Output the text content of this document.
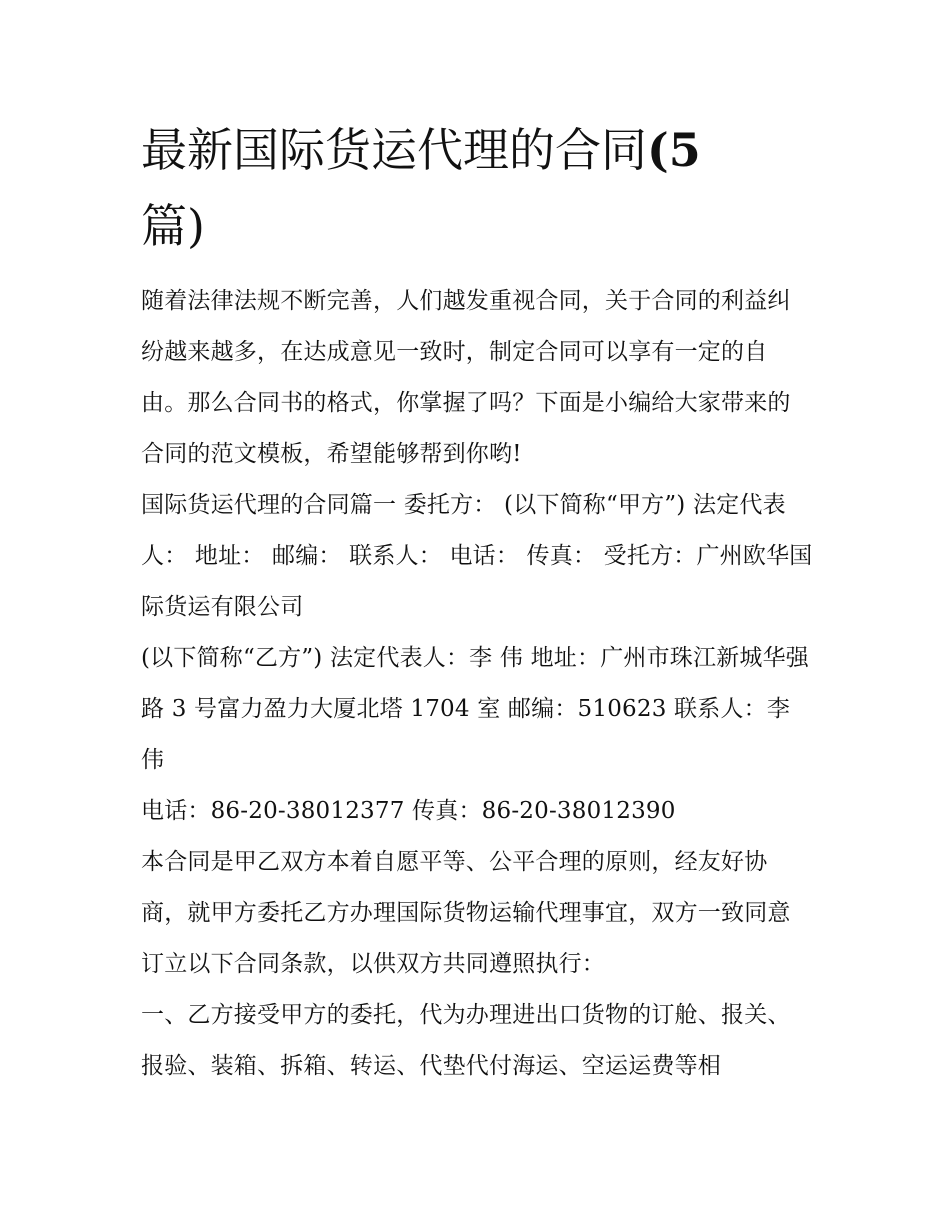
最新国际货运代理的合同(5
篇)

随着法律法规不断完善，人们越发重视合同，关于合同的利益纠纷越来越多，在达成意见一致时，制定合同可以享有一定的自由。那么合同书的格式，你掌握了吗？下面是小编给大家带来的合同的范文模板，希望能够帮到你哟!

国际货运代理的合同篇一 委托方： (以下简称“甲方”) 法定代表人： 地址： 邮编： 联系人： 电话： 传真： 受托方：广州欧华国际货运有限公司

(以下简称“乙方”) 法定代表人：李 伟 地址：广州市珠江新城华强路 3 号富力盈力大厦北塔 1704 室 邮编：510623 联系人：李 伟

电话：86-20-38012377 传真：86-20-38012390

本合同是甲乙双方本着自愿平等、公平合理的原则，经友好协商，就甲方委托乙方办理国际货物运输代理事宜，双方一致同意订立以下合同条款，以供双方共同遵照执行：

一、乙方接受甲方的委托，代为办理进出口货物的订舱、报关、报验、装箱、拆箱、转运、代垫代付海运、空运运费等相
